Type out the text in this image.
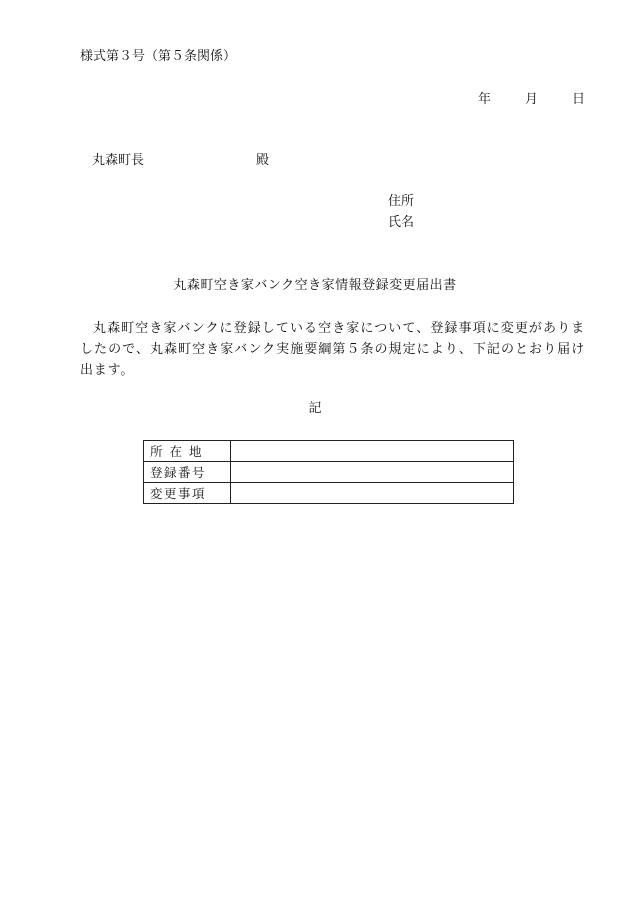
様式第３号（第５条関係）
年	月	日
丸森町長	殿
住所
氏名
丸森町空き家バンク空き家情報登録変更届出書
丸森町空き家バンクに登録している空き家について、登録事項に変更がありましたので、丸森町空き家バンク実施要綱第５条の規定により、下記のとおり届け出ます。
記
所 在 地	
登録番号	
変更事項	
